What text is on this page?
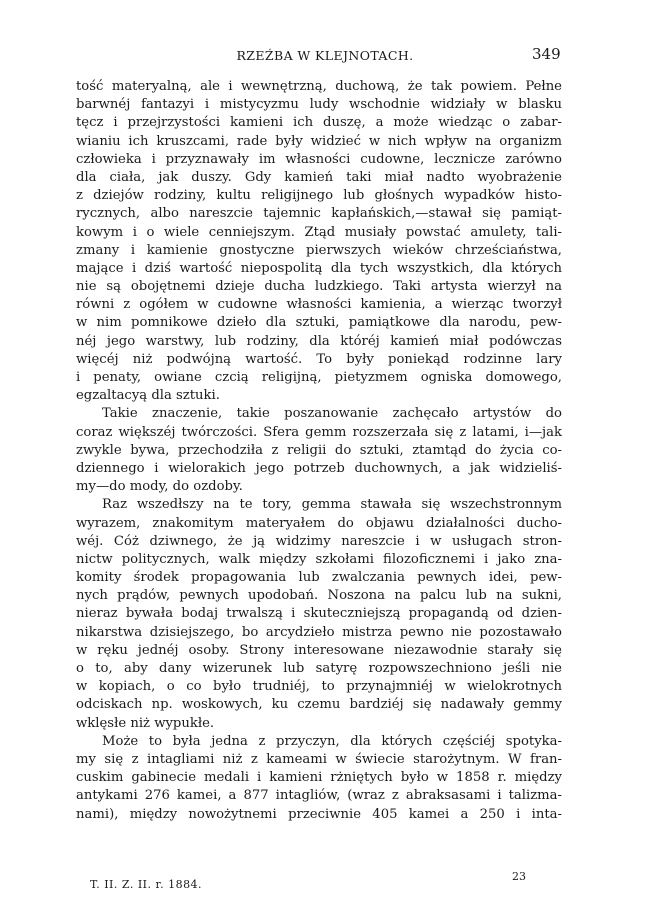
RZEŹBA W KLEJNOTACH.	349
tość materyalną, ale i wewnętrzną, duchową, że tak powiem. Pełne
barwnéj fantazyi i mistycyzmu ludy wschodnie widziały w blasku
tęcz i przejrzystości kamieni ich duszę, a może wiedząc o zabar-
wianiu ich kruszcami, rade były widzieć w nich wpływ na organizm
człowieka i przyznawały im własności cudowne, lecznicze zarówno
dla ciała, jak duszy. Gdy kamień taki miał nadto wyobrażenie
z dziejów rodziny, kultu religijnego lub głośnych wypadków histo-
rycznych, albo nareszcie tajemnic kapłańskich,—stawał się pamiąt-
kowym i o wiele cenniejszym. Ztąd musiały powstać amulety, tali-
zmany i kamienie gnostyczne pierwszych wieków chrześciaństwa,
mające i dziś wartość niepospolitą dla tych wszystkich, dla których
nie są obojętnemi dzieje ducha ludzkiego. Taki artysta wierzył na
równi z ogółem w cudowne własności kamienia, a wierząc tworzył
w nim pomnikowe dzieło dla sztuki, pamiątkowe dla narodu, pew-
néj jego warstwy, lub rodziny, dla któréj kamień miał podówczas
więcéj niż podwójną wartość. To były poniekąd rodzinne lary
i penaty, owiane czcią religijną, pietyzmem ogniska domowego,
egzaltacyą dla sztuki.
Takie znaczenie, takie poszanowanie zachęcało artystów do
coraz większéj twórczości. Sfera gemm rozszerzała się z latami, i—jak
zwykle bywa, przechodziła z religii do sztuki, ztamtąd do życia co-
dziennego i wielorakich jego potrzeb duchownych, a jak widzieliś-
my—do mody, do ozdoby.
Raz wszedłszy na te tory, gemma stawała się wszechstronnym
wyrazem, znakomitym materyałem do objawu działalności ducho-
wéj. Cóż dziwnego, że ją widzimy nareszcie i w usługach stron-
nictw politycznych, walk między szkołami filozoficznemi i jako zna-
komity środek propagowania lub zwalczania pewnych idei, pew-
nych prądów, pewnych upodobań. Noszona na palcu lub na sukni,
nieraz bywała bodaj trwalszą i skuteczniejszą propagandą od dzien-
nikarstwa dzisiejszego, bo arcydzieło mistrza pewno nie pozostawało
w ręku jednéj osoby. Strony interesowane niezawodnie starały się
o to, aby dany wizerunek lub satyrę rozpowszechniono jeśli nie
w kopiach, o co było trudniéj, to przynajmniéj w wielokrotnych
odciskach np. woskowych, ku czemu bardziéj się nadawały gemmy
wklęsłe niż wypukłe.
Może to była jedna z przyczyn, dla których częściéj spotyka-
my się z intagliami niż z kameami w świecie starożytnym. W fran-
cuskim gabinecie medali i kamieni rżniętych było w 1858 r. między
antykami 276 kamei, a 877 intagliów, (wraz z abraksasami i talizma-
nami), między nowożytnemi przeciwnie 405 kamei a 250 i inta-
T. II. Z. II. r. 1884.
23
